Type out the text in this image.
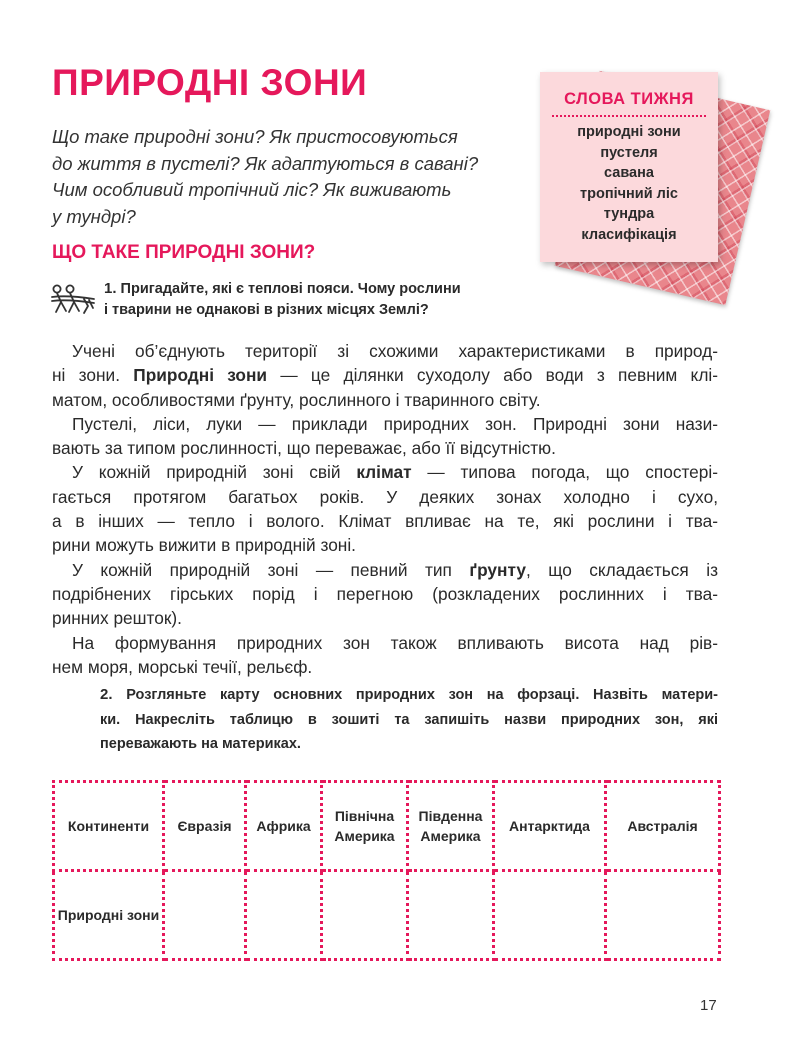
ПРИРОДНІ ЗОНИ
Що таке природні зони? Як пристосовуються
до життя в пустелі? Як адаптуються в савані?
Чим особливий тропічний ліс? Як виживають
у тундрі?
СЛОВА ТИЖНЯ
природні зони
пустеля
савана
тропічний ліс
тундра
класифікація
ЩО ТАКЕ ПРИРОДНІ ЗОНИ?
1. Пригадайте, які є теплові пояси. Чому рослини
і тварини не однакові в різних місцях Землі?
Учені об’єднують території зі схожими характеристиками в природ-
ні зони. Природні зони — це ділянки суходолу або води з певним клі-
матом, особливостями ґрунту, рослинного і тваринного світу.
Пустелі, ліси, луки — приклади природних зон. Природні зони нази-
вають за типом рослинності, що переважає, або її відсутністю.
У кожній природній зоні свій клімат — типова погода, що спостері-
гається протягом багатьох років. У деяких зонах холодно і сухо,
а в інших — тепло і волого. Клімат впливає на те, які рослини і тва-
рини можуть вижити в природній зоні.
У кожній природній зоні — певний тип ґрунту, що складається із
подрібнених гірських порід і перегною (розкладених рослинних і тва-
ринних решток).
На формування природних зон також впливають висота над рів-
нем моря, морські течії, рельєф.
2. Розгляньте карту основних природних зон на форзаці. Назвіть матери-
ки. Накресліть таблицю в зошиті та запишіть назви природних зон, які
переважають на материках.
Континенти	Євразія	Африка	Північна Америка	Південна Америка	Антарктида	Австралія
Природні зони						
17
